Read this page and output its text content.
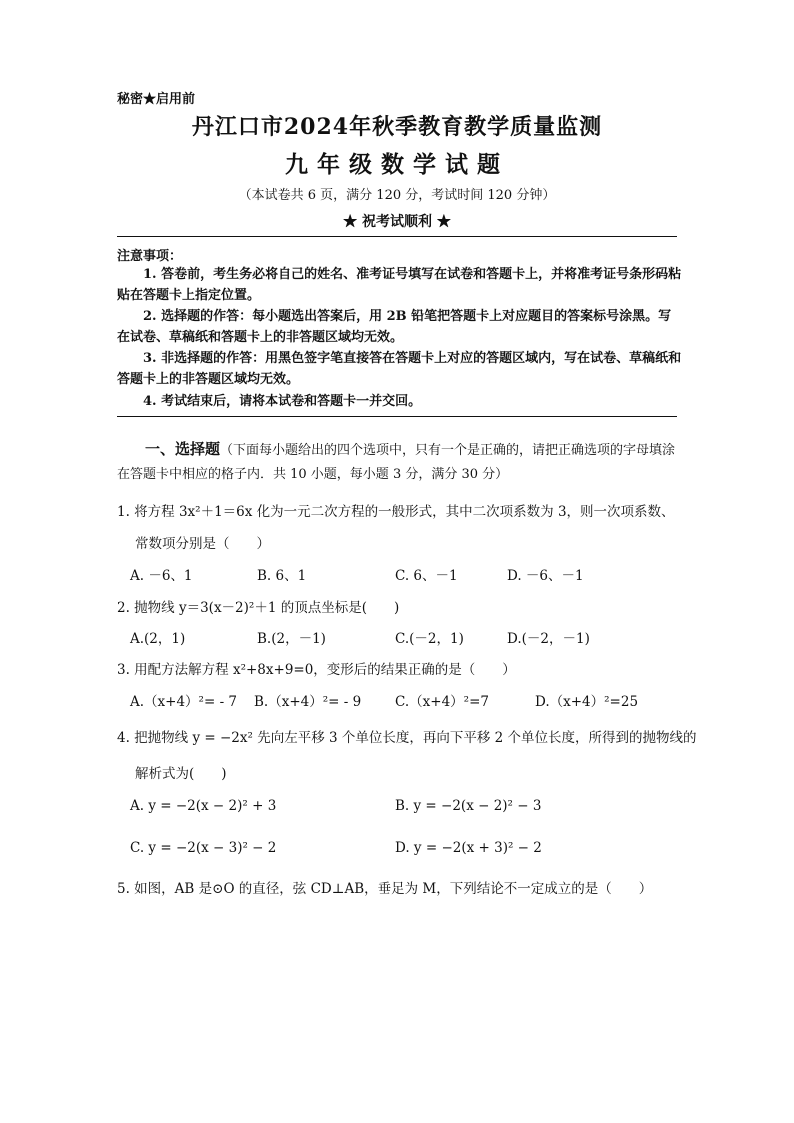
秘密★启用前
丹江口市2024年秋季教育教学质量监测
九年级数学试题
（本试卷共 6 页，满分 120 分，考试时间 120 分钟）
★ 祝考试顺利 ★
注意事项：
1. 答卷前，考生务必将自己的姓名、准考证号填写在试卷和答题卡上，并将准考证号条形码粘贴在答题卡上指定位置。
2. 选择题的作答：每小题选出答案后，用 2B 铅笔把答题卡上对应题目的答案标号涂黑。写在试卷、草稿纸和答题卡上的非答题区域均无效。
3. 非选择题的作答：用黑色签字笔直接答在答题卡上对应的答题区域内，写在试卷、草稿纸和答题卡上的非答题区域均无效。
4. 考试结束后，请将本试卷和答题卡一并交回。
一、选择题（下面每小题给出的四个选项中，只有一个是正确的，请把正确选项的字母填涂在答题卡中相应的格子内．共 10 小题，每小题 3 分，满分 30 分）
1. 将方程 3x²＋1＝6x 化为一元二次方程的一般形式，其中二次项系数为 3，则一次项系数、
常数项分别是（　　）
A. －6、1	B. 6、1	C. 6、－1	D. －6、－1
2. 抛物线 y＝3(x－2)²＋1 的顶点坐标是(　　)
A.(2，1)	B.(2，－1)	C.(－2，1)	D.(－2，－1)
3. 用配方法解方程 x²+8x+9=0，变形后的结果正确的是（　　）
A.（x+4）²= - 7 B.（x+4）²= - 9	C.（x+4）²=7	D.（x+4）²=25
4. 把抛物线 y = −2x² 先向左平移 3 个单位长度，再向下平移 2 个单位长度，所得到的抛物线的
解析式为(　　)
A. y = −2(x − 2)² + 3	B. y = −2(x − 2)² − 3
C. y = −2(x − 3)² − 2	D. y = −2(x + 3)² − 2
5. 如图，AB 是⊙O 的直径，弦 CD⊥AB，垂足为 M，下列结论不一定成立的是（　　）
